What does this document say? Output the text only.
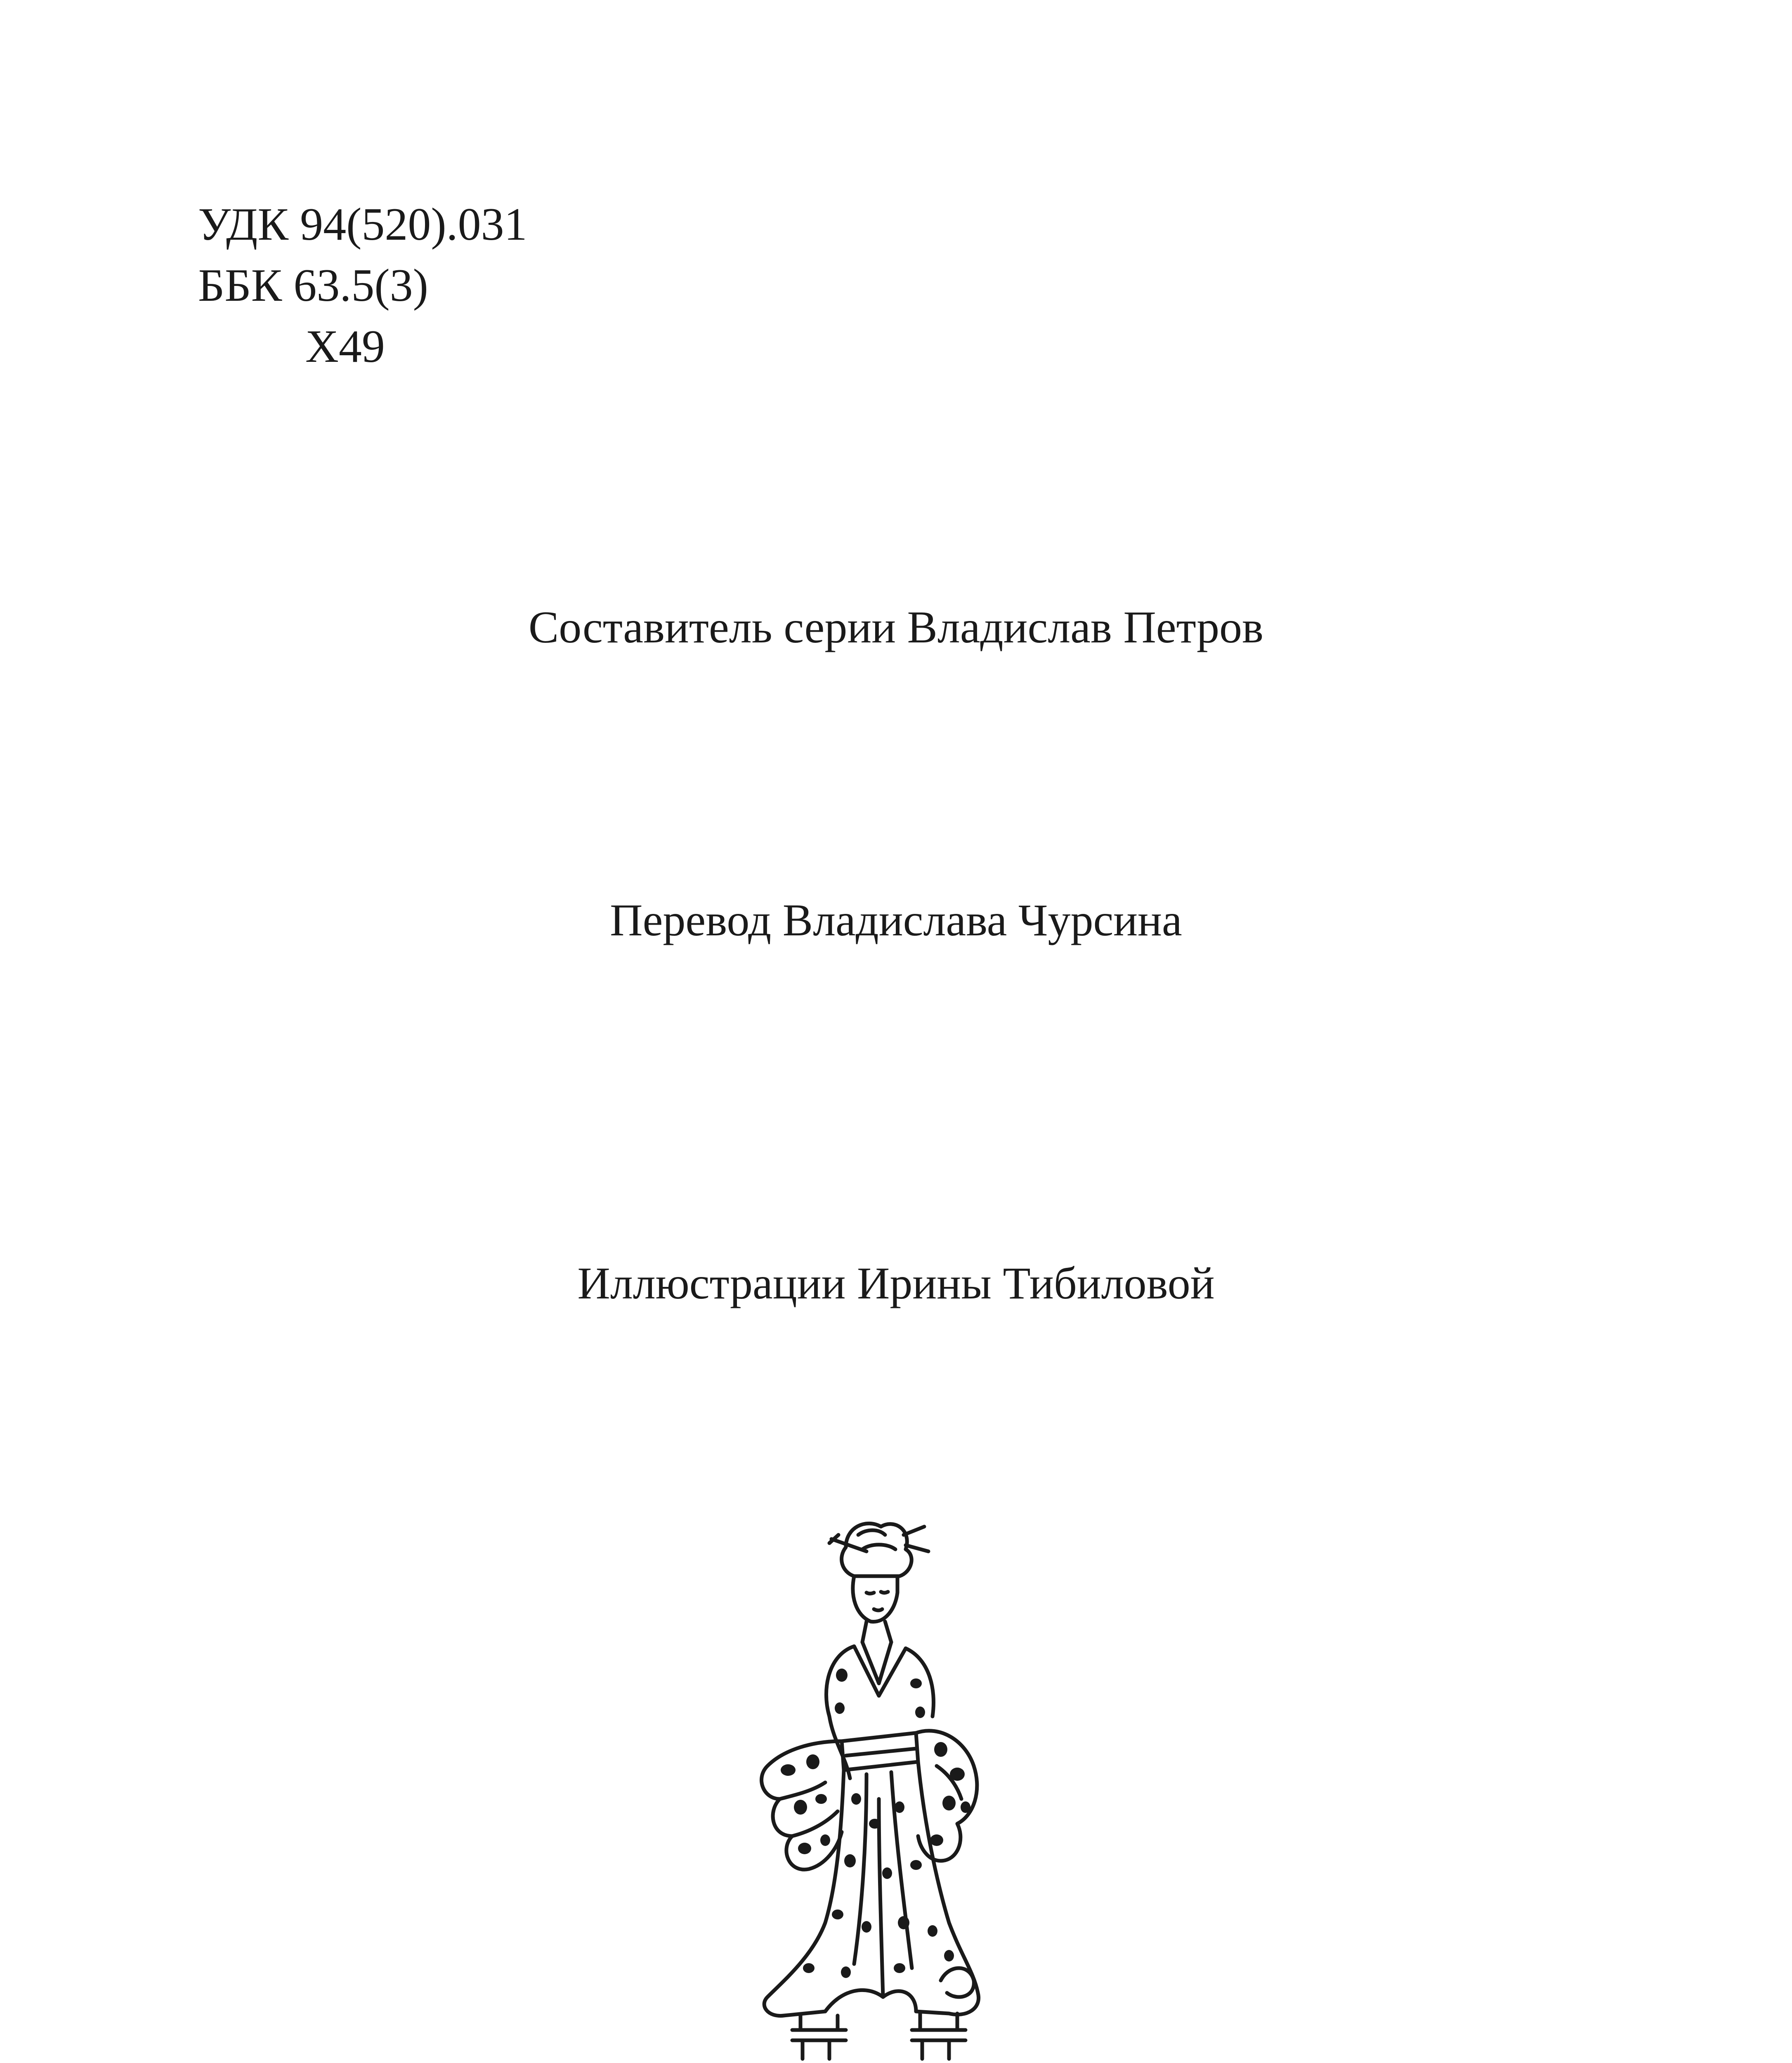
УДК 94(520).031
ББК 63.5(3)
Х49
Составитель серии Владислав Петров
Перевод Владислава Чурсина
Иллюстрации Ирины Тибиловой
